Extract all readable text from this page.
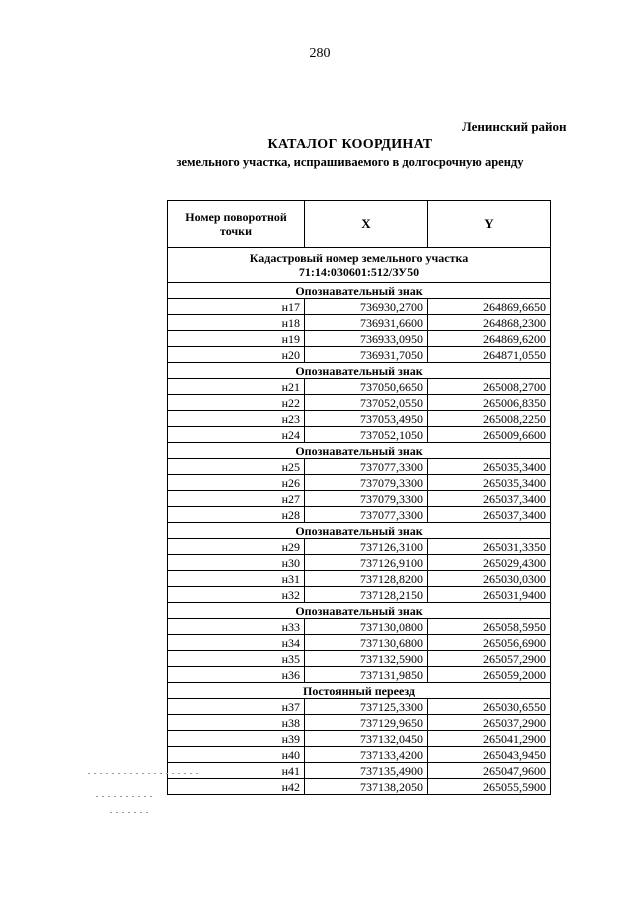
280
Ленинский район
КАТАЛОГ КООРДИНАТ
земельного участка, испрашиваемого в долгосрочную аренду
Номер поворотной точки	X	Y
Кадастровый номер земельного участка
71:14:030601:512/ЗУ50		
Опознавательный знак		
н17	736930,2700	264869,6650
н18	736931,6600	264868,2300
н19	736933,0950	264869,6200
н20	736931,7050	264871,0550
Опознавательный знак		
н21	737050,6650	265008,2700
н22	737052,0550	265006,8350
н23	737053,4950	265008,2250
н24	737052,1050	265009,6600
Опознавательный знак		
н25	737077,3300	265035,3400
н26	737079,3300	265035,3400
н27	737079,3300	265037,3400
н28	737077,3300	265037,3400
Опознавательный знак		
н29	737126,3100	265031,3350
н30	737126,9100	265029,4300
н31	737128,8200	265030,0300
н32	737128,2150	265031,9400
Опознавательный знак		
н33	737130,0800	265058,5950
н34	737130,6800	265056,6900
н35	737132,5900	265057,2900
н36	737131,9850	265059,2000
Постоянный переезд		
н37	737125,3300	265030,6550
н38	737129,9650	265037,2900
н39	737132,0450	265041,2900
н40	737133,4200	265043,9450
н41	737135,4900	265047,9600
н42	737138,2050	265055,5900
